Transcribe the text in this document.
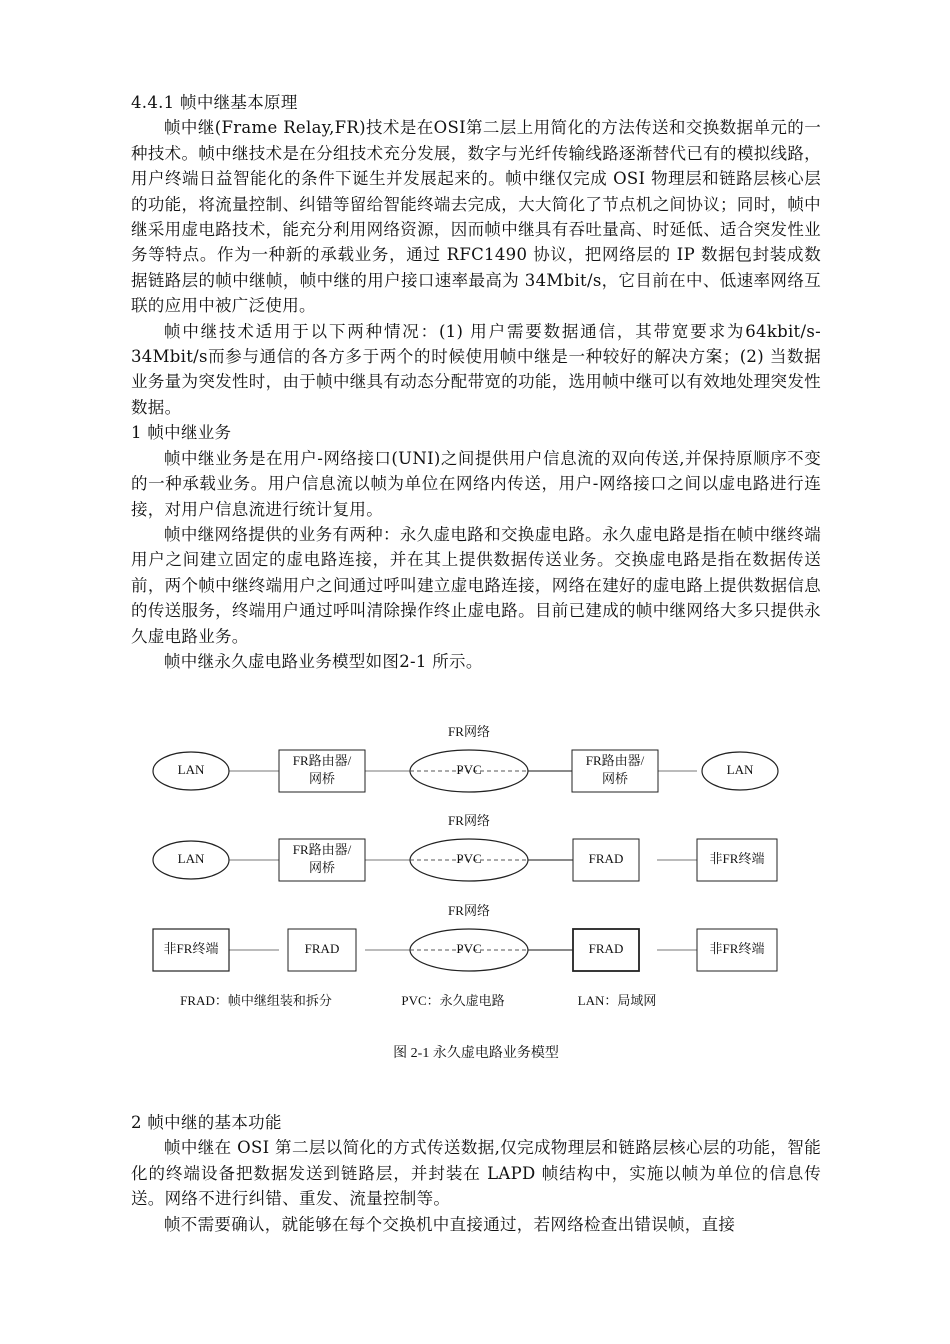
4.4.1 帧中继基本原理

帧中继(Frame Relay,FR)技术是在OSI第二层上用简化的方法传送和交换数据单元的一种技术。帧中继技术是在分组技术充分发展，数字与光纤传输线路逐渐替代已有的模拟线路，用户终端日益智能化的条件下诞生并发展起来的。帧中继仅完成 OSI 物理层和链路层核心层的功能，将流量控制、纠错等留给智能终端去完成，大大简化了节点机之间协议；同时，帧中继采用虚电路技术，能充分利用网络资源，因而帧中继具有吞吐量高、时延低、适合突发性业务等特点。作为一种新的承载业务，通过 RFC1490 协议，把网络层的 IP 数据包封装成数据链路层的帧中继帧，帧中继的用户接口速率最高为 34Mbit/s，它目前在中、低速率网络互联的应用中被广泛使用。

帧中继技术适用于以下两种情况：(1) 用户需要数据通信，其带宽要求为64kbit/s-34Mbit/s而参与通信的各方多于两个的时候使用帧中继是一种较好的解决方案；(2) 当数据业务量为突发性时，由于帧中继具有动态分配带宽的功能，选用帧中继可以有效地处理突发性数据。

1 帧中继业务

帧中继业务是在用户-网络接口(UNI)之间提供用户信息流的双向传送,并保持原顺序不变的一种承载业务。用户信息流以帧为单位在网络内传送，用户-网络接口之间以虚电路进行连接，对用户信息流进行统计复用。

帧中继网络提供的业务有两种：永久虚电路和交换虚电路。永久虚电路是指在帧中继终端用户之间建立固定的虚电路连接，并在其上提供数据传送业务。交换虚电路是指在数据传送前，两个帧中继终端用户之间通过呼叫建立虚电路连接，网络在建好的虚电路上提供数据信息的传送服务，终端用户通过呼叫清除操作终止虚电路。目前已建成的帧中继网络大多只提供永久虚电路业务。

帧中继永久虚电路业务模型如图2-1 所示。

FR网络
LAN
FR路由器/
网桥
PVC
FR路由器/
网桥
LAN
FR网络
LAN
FR路由器/
网桥
PVC	FRAD	非FR终端
FR网络
非FR终端	FRAD	PVC	FRAD	非FR终端
FRAD：帧中继组装和拆分	PVC：永久虚电路	LAN：局域网
图 2-1 永久虚电路业务模型

2 帧中继的基本功能

帧中继在 OSI 第二层以简化的方式传送数据,仅完成物理层和链路层核心层的功能，智能化的终端设备把数据发送到链路层，并封装在 LAPD 帧结构中，实施以帧为单位的信息传送。网络不进行纠错、重发、流量控制等。

帧不需要确认，就能够在每个交换机中直接通过，若网络检查出错误帧，直接
